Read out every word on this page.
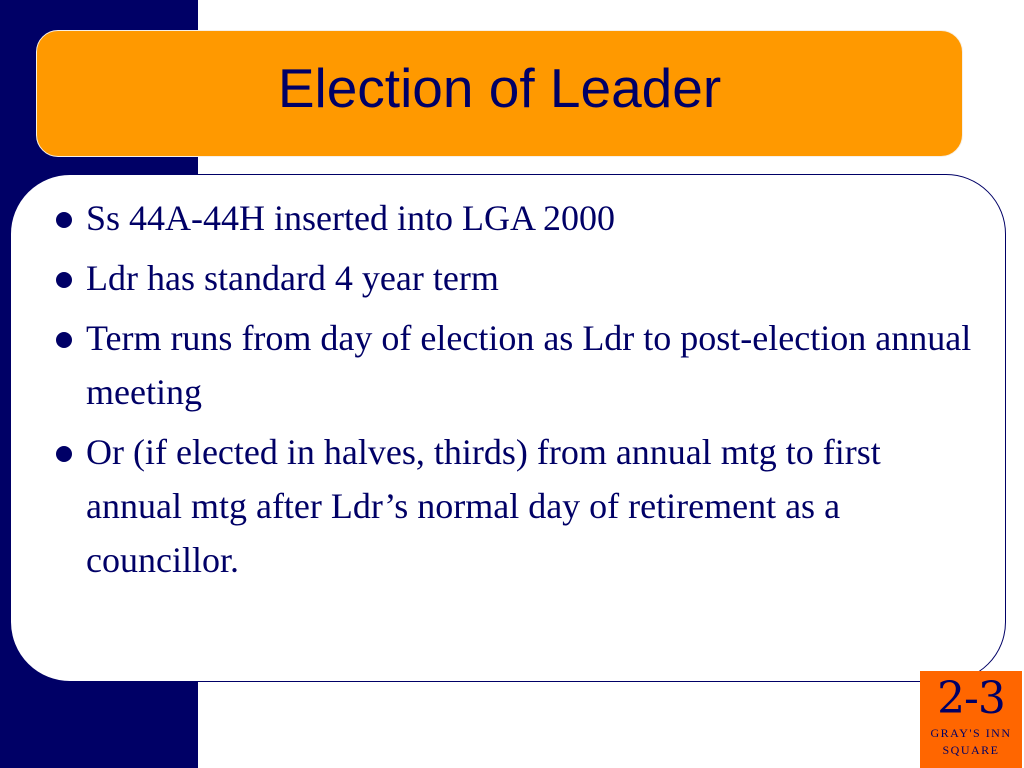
Election of Leader
Ss 44A-44H inserted into LGA 2000
Ldr has standard 4 year term
Term runs from day of election as Ldr to post-election annual meeting
Or (if elected in halves, thirds) from annual mtg to first annual mtg after Ldr’s normal day of retirement as a councillor.
2-3
GRAY'S INN
SQUARE
